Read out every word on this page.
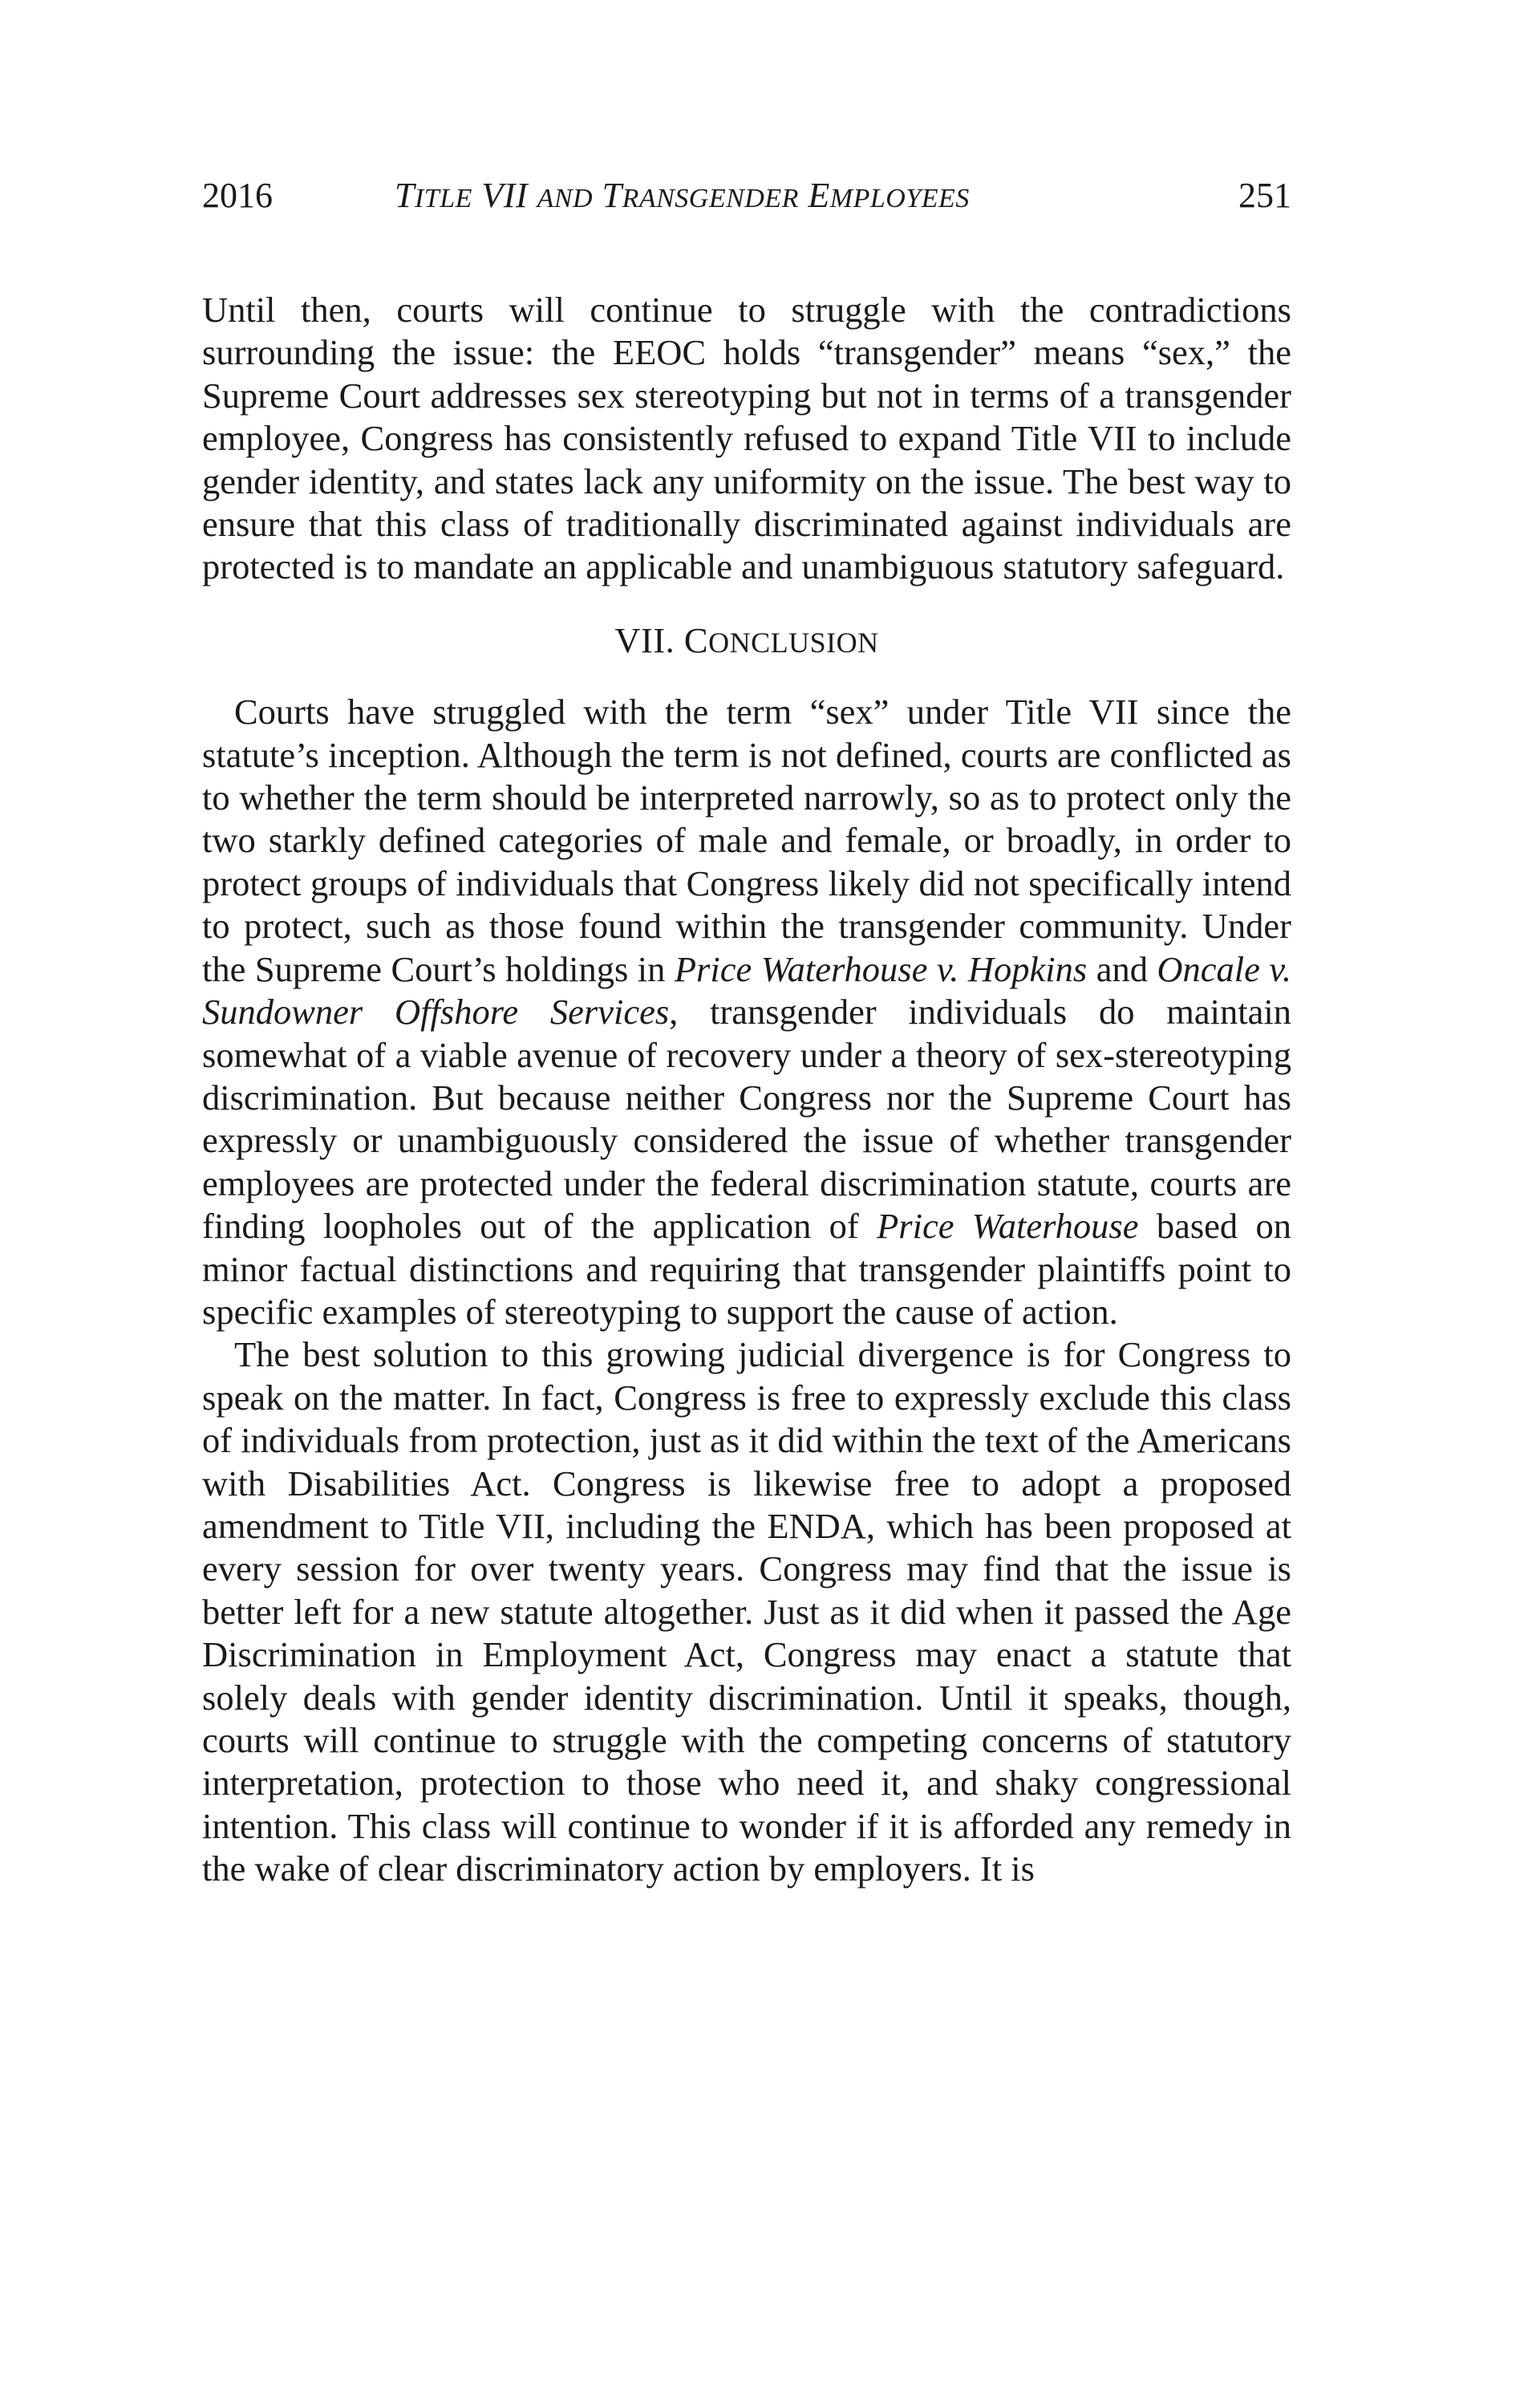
2016	TITLE VII AND TRANSGENDER EMPLOYEES	251

Until then, courts will continue to struggle with the contradictions surrounding the issue: the EEOC holds “transgender” means “sex,” the Supreme Court addresses sex stereotyping but not in terms of a transgender employee, Congress has consistently refused to expand Title VII to include gender identity, and states lack any uniformity on the issue. The best way to ensure that this class of traditionally discriminated against individuals are protected is to mandate an applicable and unambiguous statutory safeguard.

VII. CONCLUSION

Courts have struggled with the term “sex” under Title VII since the statute’s inception. Although the term is not defined, courts are conflicted as to whether the term should be interpreted narrowly, so as to protect only the two starkly defined categories of male and female, or broadly, in order to protect groups of individuals that Congress likely did not specifically intend to protect, such as those found within the transgender community. Under the Supreme Court’s holdings in Price Waterhouse v. Hopkins and Oncale v. Sundowner Offshore Services, transgender individuals do maintain somewhat of a viable avenue of recovery under a theory of sex-stereotyping discrimination. But because neither Congress nor the Supreme Court has expressly or unambiguously considered the issue of whether transgender employees are protected under the federal discrimination statute, courts are finding loopholes out of the application of Price Waterhouse based on minor factual distinctions and requiring that transgender plaintiffs point to specific examples of stereotyping to support the cause of action.

The best solution to this growing judicial divergence is for Congress to speak on the matter. In fact, Congress is free to expressly exclude this class of individuals from protection, just as it did within the text of the Americans with Disabilities Act. Congress is likewise free to adopt a proposed amendment to Title VII, including the ENDA, which has been proposed at every session for over twenty years. Congress may find that the issue is better left for a new statute altogether. Just as it did when it passed the Age Discrimination in Employment Act, Congress may enact a statute that solely deals with gender identity discrimination. Until it speaks, though, courts will continue to struggle with the competing concerns of statutory interpretation, protection to those who need it, and shaky congressional intention. This class will continue to wonder if it is afforded any remedy in the wake of clear discriminatory action by employers. It is
